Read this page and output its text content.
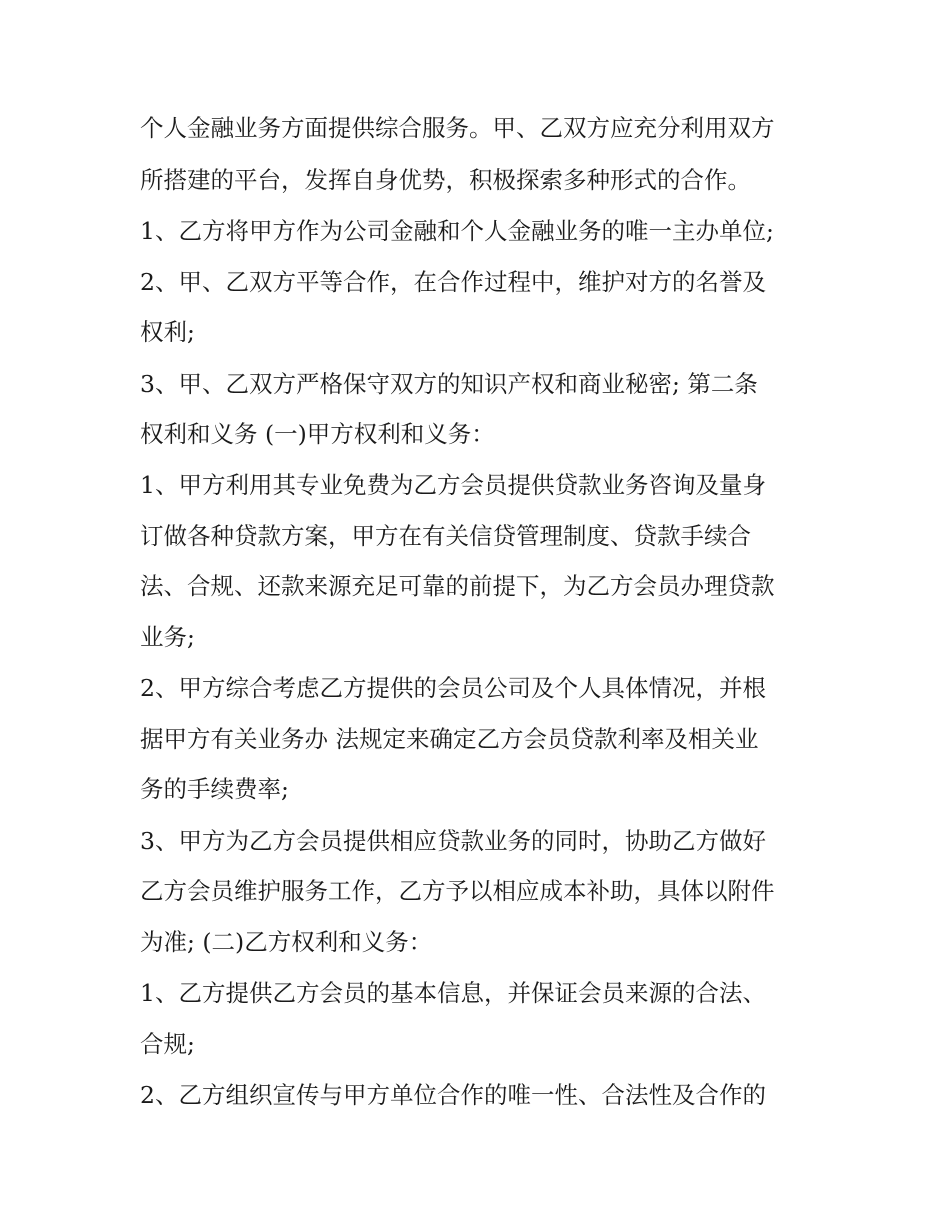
个人金融业务方面提供综合服务。甲、乙双方应充分利用双方
所搭建的平台，发挥自身优势，积极探索多种形式的合作。
1、乙方将甲方作为公司金融和个人金融业务的唯一主办单位;
2、甲、乙双方平等合作，在合作过程中，维护对方的名誉及
权利;
3、甲、乙双方严格保守双方的知识产权和商业秘密; 第二条
权利和义务 (一)甲方权利和义务：
1、甲方利用其专业免费为乙方会员提供贷款业务咨询及量身
订做各种贷款方案，甲方在有关信贷管理制度、贷款手续合
法、合规、还款来源充足可靠的前提下，为乙方会员办理贷款
业务;
2、甲方综合考虑乙方提供的会员公司及个人具体情况，并根
据甲方有关业务办 法规定来确定乙方会员贷款利率及相关业
务的手续费率;
3、甲方为乙方会员提供相应贷款业务的同时，协助乙方做好
乙方会员维护服务工作，乙方予以相应成本补助，具体以附件
为准; (二)乙方权利和义务：
1、乙方提供乙方会员的基本信息，并保证会员来源的合法、
合规;
2、乙方组织宣传与甲方单位合作的唯一性、合法性及合作的
